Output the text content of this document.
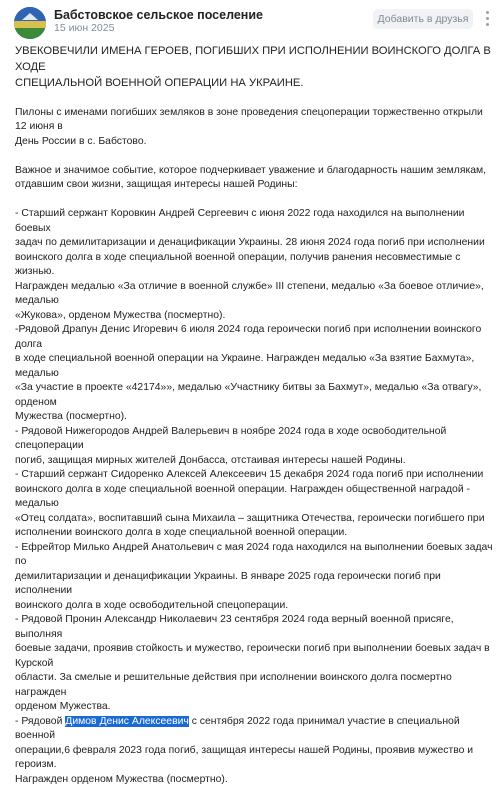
Бабстовское сельское поселение
15 июн 2025
Добавить в друзья

УВЕКОВЕЧИЛИ ИМЕНА ГЕРОЕВ, ПОГИБШИХ ПРИ ИСПОЛНЕНИИ ВОИНСКОГО ДОЛГА В ХОДЕ
СПЕЦИАЛЬНОЙ ВОЕННОЙ ОПЕРАЦИИ НА УКРАИНЕ.

Пилоны с именами погибших земляков в зоне проведения спецоперации торжественно открыли 12 июня в
День России в с. Бабстово.

Важное и значимое событие, которое подчеркивает уважение и благодарность нашим землякам,
отдавшим свои жизни, защищая интересы нашей Родины:

- Старший сержант Коровкин Андрей Сергеевич с июня 2022 года находился на выполнении боевых
задач по демилитаризации и денацификации Украины. 28 июня 2024 года погиб при исполнении
воинского долга в ходе специальной военной операции, получив ранения несовместимые с жизнью.
Награжден медалью «За отличие в военной службе» III степени, медалью «За боевое отличие», медалью
«Жукова», орденом Мужества (посмертно).

-Рядовой Драпун Денис Игоревич 6 июля 2024 года героически погиб при исполнении воинского долга
в ходе специальной военной операции на Украине. Награжден медалью «За взятие Бахмута», медалью
«За участие в проекте «42174»», медалью «Участнику битвы за Бахмут», медалью «За отвагу», орденом
Мужества (посмертно).

- Рядовой Нижегородов Андрей Валерьевич в ноябре 2024 года в ходе освободительной спецоперации
погиб, защищая мирных жителей Донбасса, отстаивая интересы нашей Родины.

- Старший сержант Сидоренко Алексей Алексеевич 15 декабря 2024 года погиб при исполнении
воинского долга в ходе специальной военной операции. Награжден общественной наградой - медалью
«Отец солдата», воспитавший сына Михаила – защитника Отечества, героически погибшего при
исполнении воинского долга в ходе специальной военной операции.

- Ефрейтор Милько Андрей Анатольевич с мая 2024 года находился на выполнении боевых задач по
демилитаризации и денацификации Украины. В январе 2025 года героически погиб при исполнении
воинского долга в ходе освободительной спецоперации.

- Рядовой Пронин Александр Николаевич 23 сентября 2024 года верный военной присяге, выполняя
боевые задачи, проявив стойкость и мужество, героически погиб при выполнении боевых задач в Курской
области. За смелые и решительные действия при исполнении воинского долга посмертно награжден
орденом Мужества.

- Рядовой Димов Денис Алексеевич с сентября 2022 года принимал участие в специальной военной
операции,6 февраля 2023 года погиб, защищая интересы нашей Родины, проявив мужество и героизм.
Награжден орденом Мужества (посмертно).
